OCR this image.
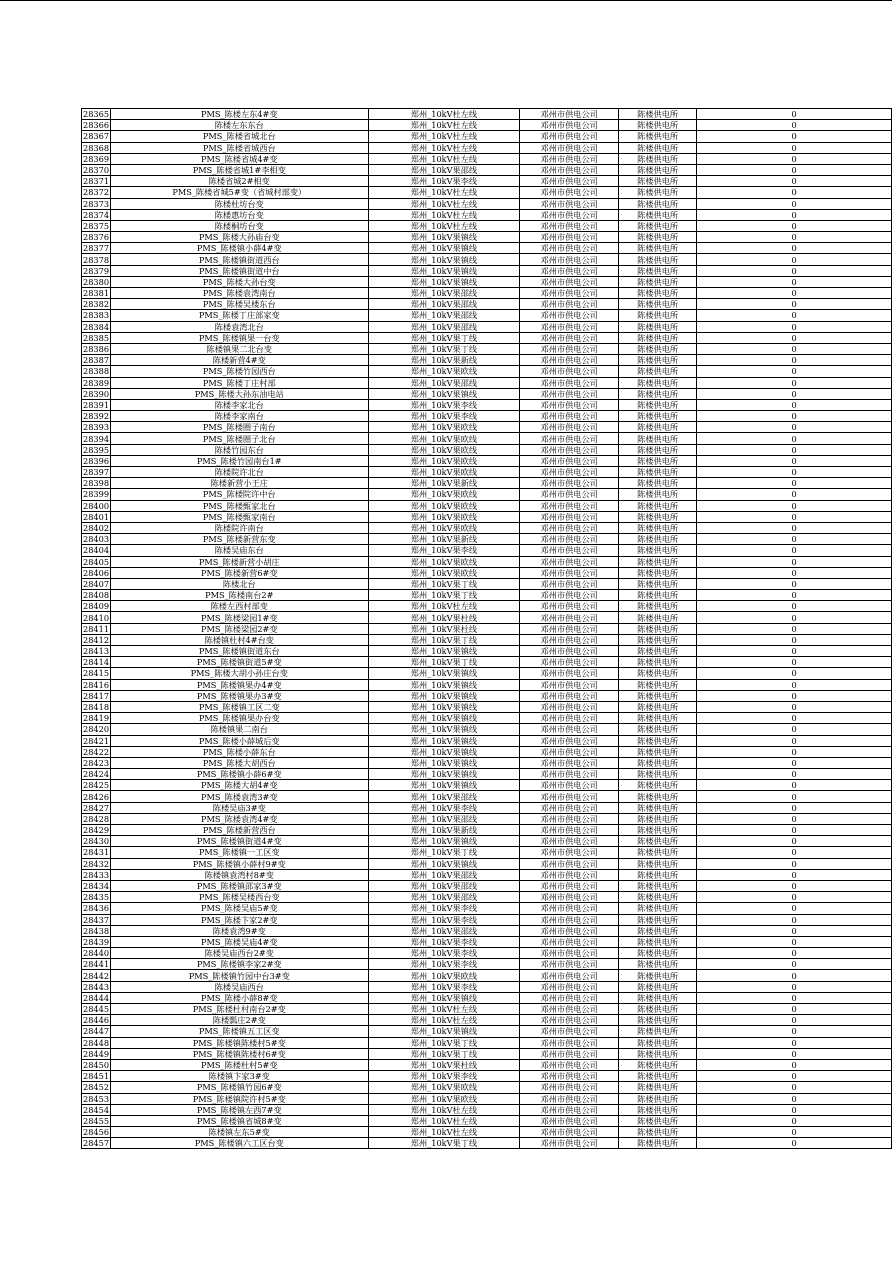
28365	PMS_陈楼左东4#变	郑州_10kV杜左线	邓州市供电公司	陈楼供电所	0
28366	陈楼左东东台	郑州_10kV杜左线	邓州市供电公司	陈楼供电所	0
28367	PMS_陈楼省城北台	郑州_10kV杜左线	邓州市供电公司	陈楼供电所	0
28368	PMS_陈楼省城西台	郑州_10kV杜左线	邓州市供电公司	陈楼供电所	0
28369	PMS_陈楼省城4#变	郑州_10kV杜左线	邓州市供电公司	陈楼供电所	0
28370	PMS_陈楼省城1#李相变	郑州_10kV果邵线	邓州市供电公司	陈楼供电所	0
28371	陈楼省城2#相变	郑州_10kV果李线	邓州市供电公司	陈楼供电所	0
28372	PMS_陈楼省城5#变（省城村部变）	郑州_10kV杜左线	邓州市供电公司	陈楼供电所	0
28373	陈楼杜坊台变	郑州_10kV杜左线	邓州市供电公司	陈楼供电所	0
28374	陈楼惠坊台变	郑州_10kV杜左线	邓州市供电公司	陈楼供电所	0
28375	陈楼桐坊台变	郑州_10kV杜左线	邓州市供电公司	陈楼供电所	0
28376	PMS_陈楼大孙庙台变	郑州_10kV果镇线	邓州市供电公司	陈楼供电所	0
28377	PMS_陈楼镇小薛4#变	郑州_10kV果镇线	邓州市供电公司	陈楼供电所	0
28378	PMS_陈楼镇街道西台	郑州_10kV果镇线	邓州市供电公司	陈楼供电所	0
28379	PMS_陈楼镇街道中台	郑州_10kV果镇线	邓州市供电公司	陈楼供电所	0
28380	PMS_陈楼大孙台变	郑州_10kV果镇线	邓州市供电公司	陈楼供电所	0
28381	PMS_陈楼袁湾南台	郑州_10kV果邵线	邓州市供电公司	陈楼供电所	0
28382	PMS_陈楼吴楼东台	郑州_10kV果邵线	邓州市供电公司	陈楼供电所	0
28383	PMS_陈楼丁庄部家变	郑州_10kV果邵线	邓州市供电公司	陈楼供电所	0
28384	陈楼袁湾北台	郑州_10kV果邵线	邓州市供电公司	陈楼供电所	0
28385	PMS_陈楼镇果一台变	郑州_10kV果丁线	邓州市供电公司	陈楼供电所	0
28386	陈楼镇果二北台变	郑州_10kV果丁线	邓州市供电公司	陈楼供电所	0
28387	陈楼新营4#变	郑州_10kV果新线	邓州市供电公司	陈楼供电所	0
28388	PMS_陈楼竹园西台	郑州_10kV果欧线	邓州市供电公司	陈楼供电所	0
28389	PMS_陈楼丁庄村部	郑州_10kV果邵线	邓州市供电公司	陈楼供电所	0
28390	PMS_陈楼大孙东油电站	郑州_10kV果镇线	邓州市供电公司	陈楼供电所	0
28391	陈楼李家北台	郑州_10kV果李线	邓州市供电公司	陈楼供电所	0
28392	陈楼李家南台	郑州_10kV果李线	邓州市供电公司	陈楼供电所	0
28393	PMS_陈楼圈子南台	郑州_10kV果欧线	邓州市供电公司	陈楼供电所	0
28394	PMS_陈楼圈子北台	郑州_10kV果欧线	邓州市供电公司	陈楼供电所	0
28395	陈楼竹园东台	郑州_10kV果欧线	邓州市供电公司	陈楼供电所	0
28396	PMS_陈楼竹园南台1#	郑州_10kV果欧线	邓州市供电公司	陈楼供电所	0
28397	陈楼院许北台	郑州_10kV果欧线	邓州市供电公司	陈楼供电所	0
28398	陈楼新营小王庄	郑州_10kV果新线	邓州市供电公司	陈楼供电所	0
28399	PMS_陈楼院许中台	郑州_10kV果欧线	邓州市供电公司	陈楼供电所	0
28400	PMS_陈楼甄家北台	郑州_10kV果欧线	邓州市供电公司	陈楼供电所	0
28401	PMS_陈楼甄家南台	郑州_10kV果欧线	邓州市供电公司	陈楼供电所	0
28402	陈楼院许南台	郑州_10kV果欧线	邓州市供电公司	陈楼供电所	0
28403	PMS_陈楼新营东变	郑州_10kV果新线	邓州市供电公司	陈楼供电所	0
28404	陈楼吴庙东台	郑州_10kV果李线	邓州市供电公司	陈楼供电所	0
28405	PMS_陈楼新营小胡庄	郑州_10kV果欧线	邓州市供电公司	陈楼供电所	0
28406	PMS_陈楼新营6#变	郑州_10kV果欧线	邓州市供电公司	陈楼供电所	0
28407	陈楼北台	郑州_10kV果丁线	邓州市供电公司	陈楼供电所	0
28408	PMS_陈楼南台2#	郑州_10kV果丁线	邓州市供电公司	陈楼供电所	0
28409	陈楼左西村部变	郑州_10kV杜左线	邓州市供电公司	陈楼供电所	0
28410	PMS_陈楼梁园1#变	郑州_10kV果杜线	邓州市供电公司	陈楼供电所	0
28411	PMS_陈楼梁园2#变	郑州_10kV果杜线	邓州市供电公司	陈楼供电所	0
28412	陈楼镇杜村4#台变	郑州_10kV果丁线	邓州市供电公司	陈楼供电所	0
28413	PMS_陈楼镇街道东台	郑州_10kV果镇线	邓州市供电公司	陈楼供电所	0
28414	PMS_陈楼镇街道5#变	郑州_10kV果丁线	邓州市供电公司	陈楼供电所	0
28415	PMS_陈楼大胡小孙庄台变	郑州_10kV果镇线	邓州市供电公司	陈楼供电所	0
28416	PMS_陈楼镇果办4#变	郑州_10kV果镇线	邓州市供电公司	陈楼供电所	0
28417	PMS_陈楼镇果办3#变	郑州_10kV果镇线	邓州市供电公司	陈楼供电所	0
28418	PMS_陈楼镇工区二变	郑州_10kV果镇线	邓州市供电公司	陈楼供电所	0
28419	PMS_陈楼镇果办台变	郑州_10kV果镇线	邓州市供电公司	陈楼供电所	0
28420	陈楼镇果二南台	郑州_10kV果镇线	邓州市供电公司	陈楼供电所	0
28421	PMS_陈楼小薛城后变	郑州_10kV果镇线	邓州市供电公司	陈楼供电所	0
28422	PMS_陈楼小薛东台	郑州_10kV果镇线	邓州市供电公司	陈楼供电所	0
28423	PMS_陈楼大胡西台	郑州_10kV果镇线	邓州市供电公司	陈楼供电所	0
28424	PMS_陈楼镇小薛6#变	郑州_10kV果镇线	邓州市供电公司	陈楼供电所	0
28425	PMS_陈楼大胡4#变	郑州_10kV果镇线	邓州市供电公司	陈楼供电所	0
28426	PMS_陈楼袁湾3#变	郑州_10kV果邵线	邓州市供电公司	陈楼供电所	0
28427	陈楼吴庙3#变	郑州_10kV果李线	邓州市供电公司	陈楼供电所	0
28428	PMS_陈楼袁湾4#变	郑州_10kV果邵线	邓州市供电公司	陈楼供电所	0
28429	PMS_陈楼新营西台	郑州_10kV果新线	邓州市供电公司	陈楼供电所	0
28430	PMS_陈楼镇街道4#变	郑州_10kV果镇线	邓州市供电公司	陈楼供电所	0
28431	PMS_陈楼镇一工区变	郑州_10kV果丁线	邓州市供电公司	陈楼供电所	0
28432	PMS_陈楼镇小薛村9#变	郑州_10kV果镇线	邓州市供电公司	陈楼供电所	0
28433	陈楼镇袁湾村8#变	郑州_10kV果邵线	邓州市供电公司	陈楼供电所	0
28434	PMS_陈楼镇邵家3#变	郑州_10kV果邵线	邓州市供电公司	陈楼供电所	0
28435	PMS_陈楼吴楼西台变	郑州_10kV果邵线	邓州市供电公司	陈楼供电所	0
28436	PMS_陈楼吴庙5#变	郑州_10kV果李线	邓州市供电公司	陈楼供电所	0
28437	PMS_陈楼卞家2#变	郑州_10kV果李线	邓州市供电公司	陈楼供电所	0
28438	陈楼袁湾9#变	郑州_10kV果邵线	邓州市供电公司	陈楼供电所	0
28439	PMS_陈楼吴庙4#变	郑州_10kV果李线	邓州市供电公司	陈楼供电所	0
28440	陈楼吴庙西台2#变	郑州_10kV果李线	邓州市供电公司	陈楼供电所	0
28441	PMS_陈楼镇李家2#变	郑州_10kV果李线	邓州市供电公司	陈楼供电所	0
28442	PMS_陈楼镇竹园中台3#变	郑州_10kV果欧线	邓州市供电公司	陈楼供电所	0
28443	陈楼吴庙西台	郑州_10kV果李线	邓州市供电公司	陈楼供电所	0
28444	PMS_陈楼小薛8#变	郑州_10kV果镇线	邓州市供电公司	陈楼供电所	0
28445	PMS_陈楼杜村南台2#变	郑州_10kV杜左线	邓州市供电公司	陈楼供电所	0
28446	陈楼瓢庄2#变	郑州_10kV杜左线	邓州市供电公司	陈楼供电所	0
28447	PMS_陈楼镇五工区变	郑州_10kV果镇线	邓州市供电公司	陈楼供电所	0
28448	PMS_陈楼镇陈楼村5#变	郑州_10kV果丁线	邓州市供电公司	陈楼供电所	0
28449	PMS_陈楼镇陈楼村6#变	郑州_10kV果丁线	邓州市供电公司	陈楼供电所	0
28450	PMS_陈楼杜村5#变	郑州_10kV果杜线	邓州市供电公司	陈楼供电所	0
28451	陈楼镇卞家3#变	郑州_10kV果李线	邓州市供电公司	陈楼供电所	0
28452	PMS_陈楼镇竹园6#变	郑州_10kV果欧线	邓州市供电公司	陈楼供电所	0
28453	PMS_陈楼镇院许村5#变	郑州_10kV果欧线	邓州市供电公司	陈楼供电所	0
28454	PMS_陈楼镇左西7#变	郑州_10kV杜左线	邓州市供电公司	陈楼供电所	0
28455	PMS_陈楼镇省城8#变	郑州_10kV杜左线	邓州市供电公司	陈楼供电所	0
28456	陈楼镇左东5#变	郑州_10kV杜左线	邓州市供电公司	陈楼供电所	0
28457	PMS_陈楼镇六工区台变	郑州_10kV果丁线	邓州市供电公司	陈楼供电所	0
